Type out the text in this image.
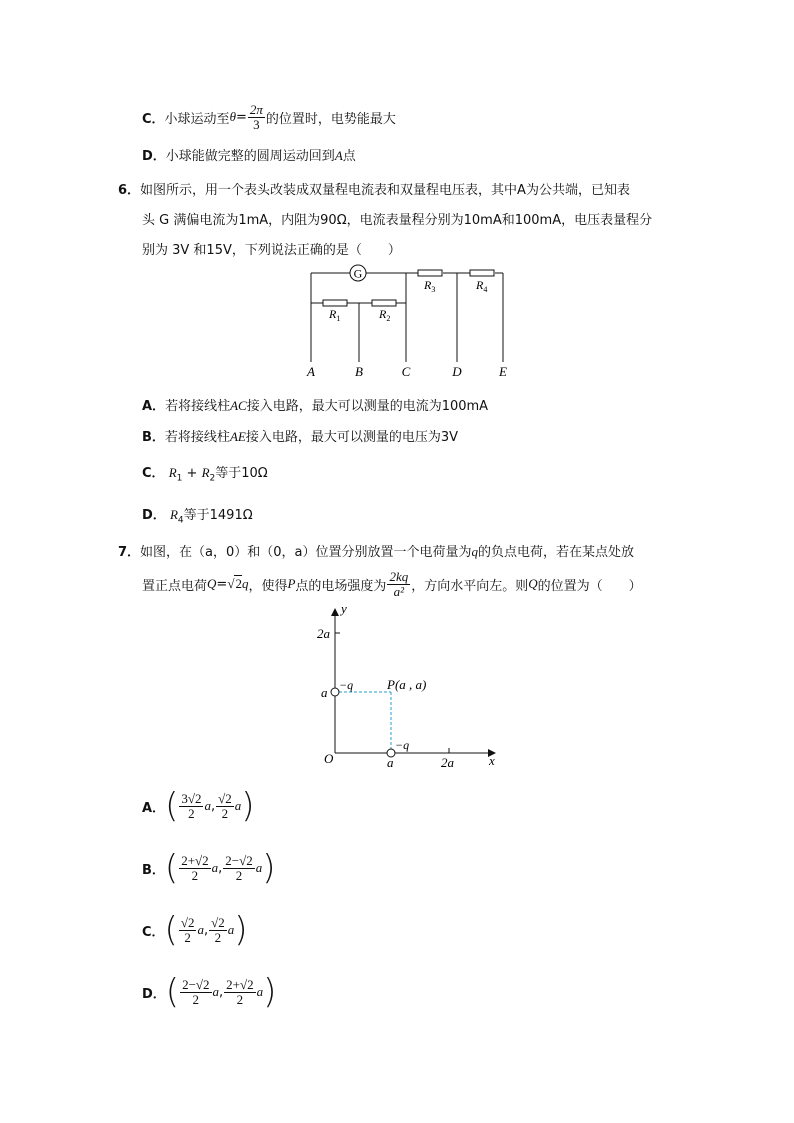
C． 小球运动至 $\theta = \frac{2\pi}{3}$ 的位置时，电势能最大
D．小球能做完整的圆周运动回到A点
6．如图所示，用一个表头改装成双量程电流表和双量程电压表，其中A为公共端，已知表
头 G 满偏电流为1mA，内阻为90Ω，电流表量程分别为10mA和100mA，电压表量程分
别为 3V 和15V，下列说法正确的是（　　）
G
$R_1$	$R_2$
$R_3$	$R_4$
A	B	C	D	E
A．若将接线柱AC接入电路，最大可以测量的电流为100mA
B．若将接线柱AE接入电路，最大可以测量的电压为3V
C． $R_1 + R_2$等于10Ω
D． $R_4$等于1491Ω
7．如图，在（a，0）和（0，a）位置分别放置一个电荷量为q的负点电荷，若在某点处放
置正点电荷 Q = √2 q ，使得 P 点的电场强度为 $\frac{2kq}{\text{a²}}$ ，方向水平向左。则 Q 的位置为（　　）
y
x
O
2a
a
a	2a
−q
−q
P(a , a)
A． ( $\frac{3√2}{2}$ a , $\frac{√2}{2}$ a )
B． ( $\frac{2+√2}{2}$ a , $\frac{2-√2}{2}$ a )
C． ( $\frac{√2}{2}$ a , $\frac{√2}{2}$ a )
D． ( $\frac{2-√2}{2}$ a , $\frac{2+√2}{2}$ a )
